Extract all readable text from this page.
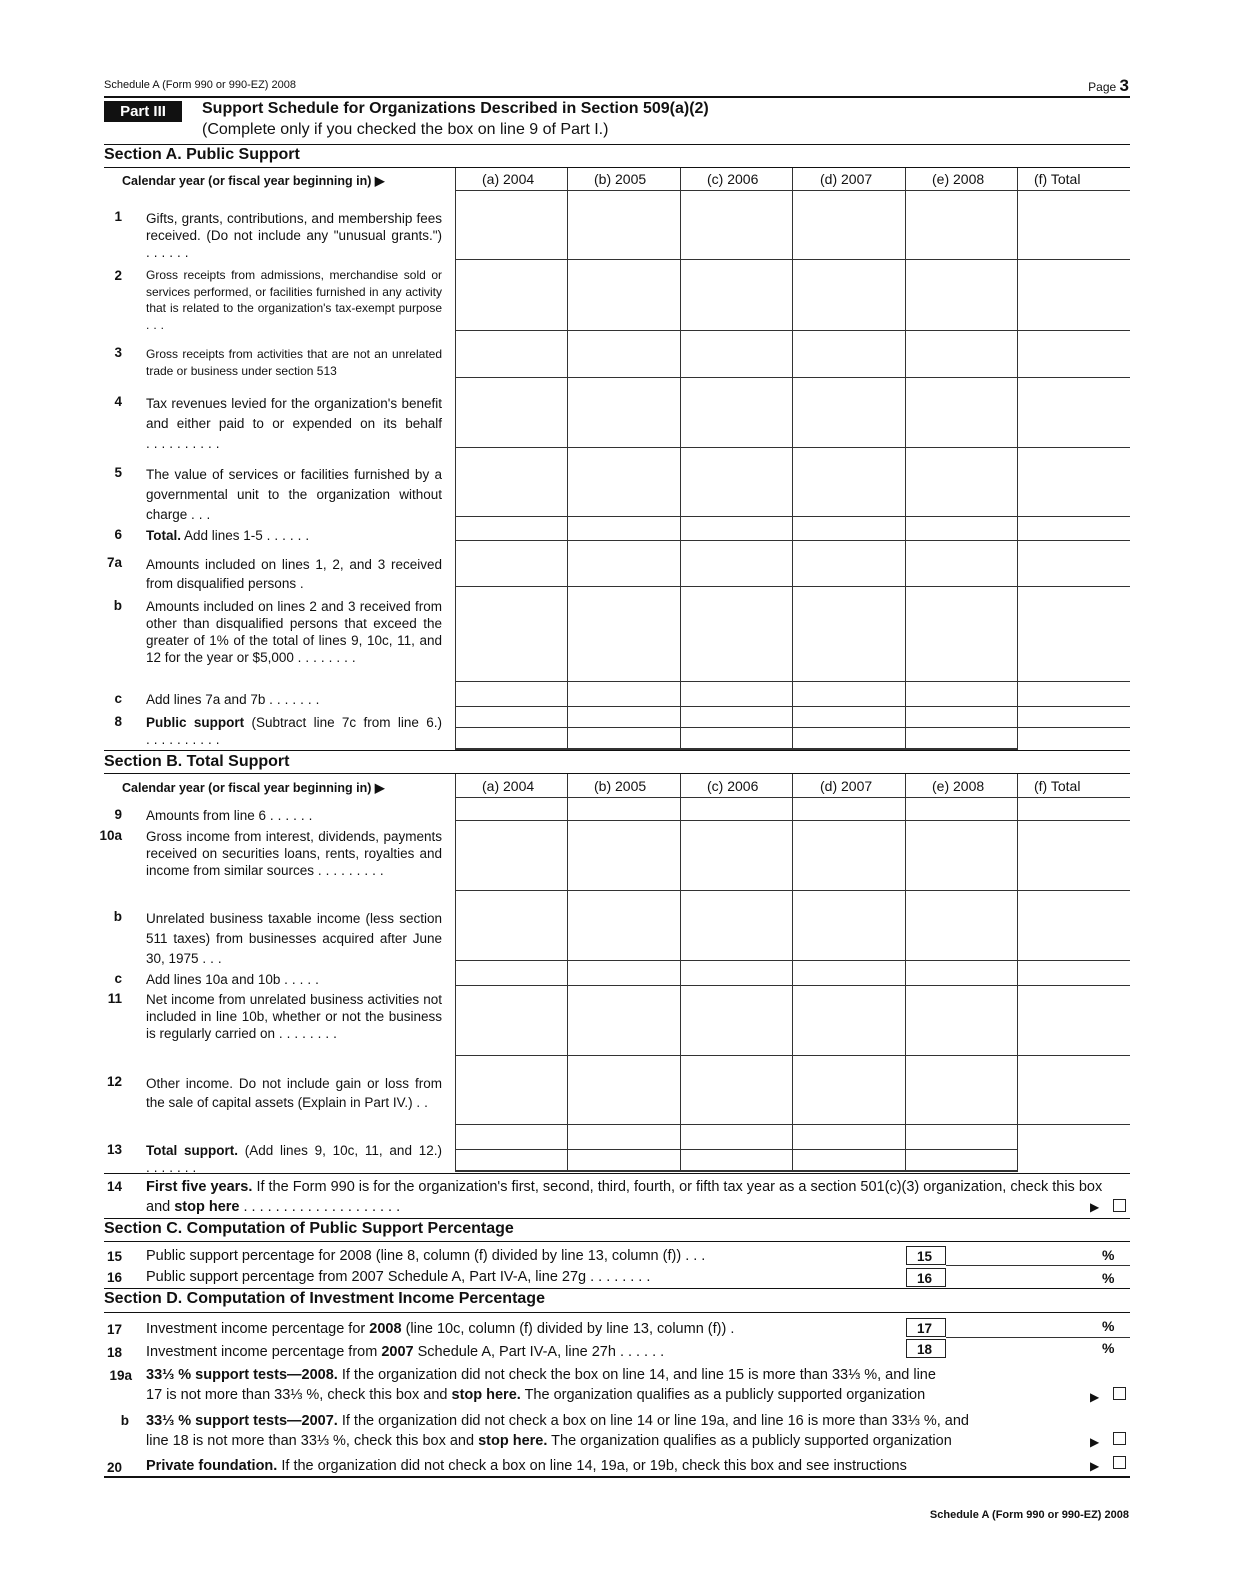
Schedule A (Form 990 or 990-EZ) 2008	Page 3
Part III	Support Schedule for Organizations Described in Section 509(a)(2)
(Complete only if you checked the box on line 9 of Part I.)
Section A. Public Support
Calendar year (or fiscal year beginning in) ▶	(a) 2004	(b) 2005	(c) 2006	(d) 2007	(e) 2008	(f) Total
1 Gifts, grants, contributions, and membership fees received. (Do not include any "unusual grants.") ......
2 Gross receipts from admissions, merchandise sold or services performed, or facilities furnished in any activity that is related to the organization's tax-exempt purpose ...
3 Gross receipts from activities that are not an unrelated trade or business under section 513
4 Tax revenues levied for the organization's benefit and either paid to or expended on its behalf ..........
5 The value of services or facilities furnished by a governmental unit to the organization without charge ...
6 Total. Add lines 1-5 ......
7a Amounts included on lines 1, 2, and 3 received from disqualified persons .
b Amounts included on lines 2 and 3 received from other than disqualified persons that exceed the greater of 1% of the total of lines 9, 10c, 11, and 12 for the year or $5,000 ........
c Add lines 7a and 7b .......
8 Public support (Subtract line 7c from line 6.) ..........
Section B. Total Support
Calendar year (or fiscal year beginning in) ▶	(a) 2004	(b) 2005	(c) 2006	(d) 2007	(e) 2008	(f) Total
9 Amounts from line 6 ......
10a Gross income from interest, dividends, payments received on securities loans, rents, royalties and income from similar sources .........
b Unrelated business taxable income (less section 511 taxes) from businesses acquired after June 30, 1975 ...
c Add lines 10a and 10b .....
11 Net income from unrelated business activities not included in line 10b, whether or not the business is regularly carried on ........
12 Other income. Do not include gain or loss from the sale of capital assets (Explain in Part IV.) ..
13 Total support. (Add lines 9, 10c, 11, and 12.) .......
14 First five years. If the Form 990 is for the organization's first, second, third, fourth, or fifth tax year as a section 501(c)(3) organization, check this box and stop here ....................	▶
Section C. Computation of Public Support Percentage
15 Public support percentage for 2008 (line 8, column (f) divided by line 13, column (f)) ...	15	%
16 Public support percentage from 2007 Schedule A, Part IV-A, line 27g ........	16	%
Section D. Computation of Investment Income Percentage
17 Investment income percentage for 2008 (line 10c, column (f) divided by line 13, column (f)) .	17	%
18 Investment income percentage from 2007 Schedule A, Part IV-A, line 27h ......	18	%
19a 33⅓ % support tests—2008. If the organization did not check the box on line 14, and line 15 is more than 33⅓ %, and line
17 is not more than 33⅓ %, check this box and stop here. The organization qualifies as a publicly supported organization	▶
b 33⅓ % support tests—2007. If the organization did not check a box on line 14 or line 19a, and line 16 is more than 33⅓ %, and
line 18 is not more than 33⅓ %, check this box and stop here. The organization qualifies as a publicly supported organization	▶
20 Private foundation. If the organization did not check a box on line 14, 19a, or 19b, check this box and see instructions	▶
Schedule A (Form 990 or 990-EZ) 2008
